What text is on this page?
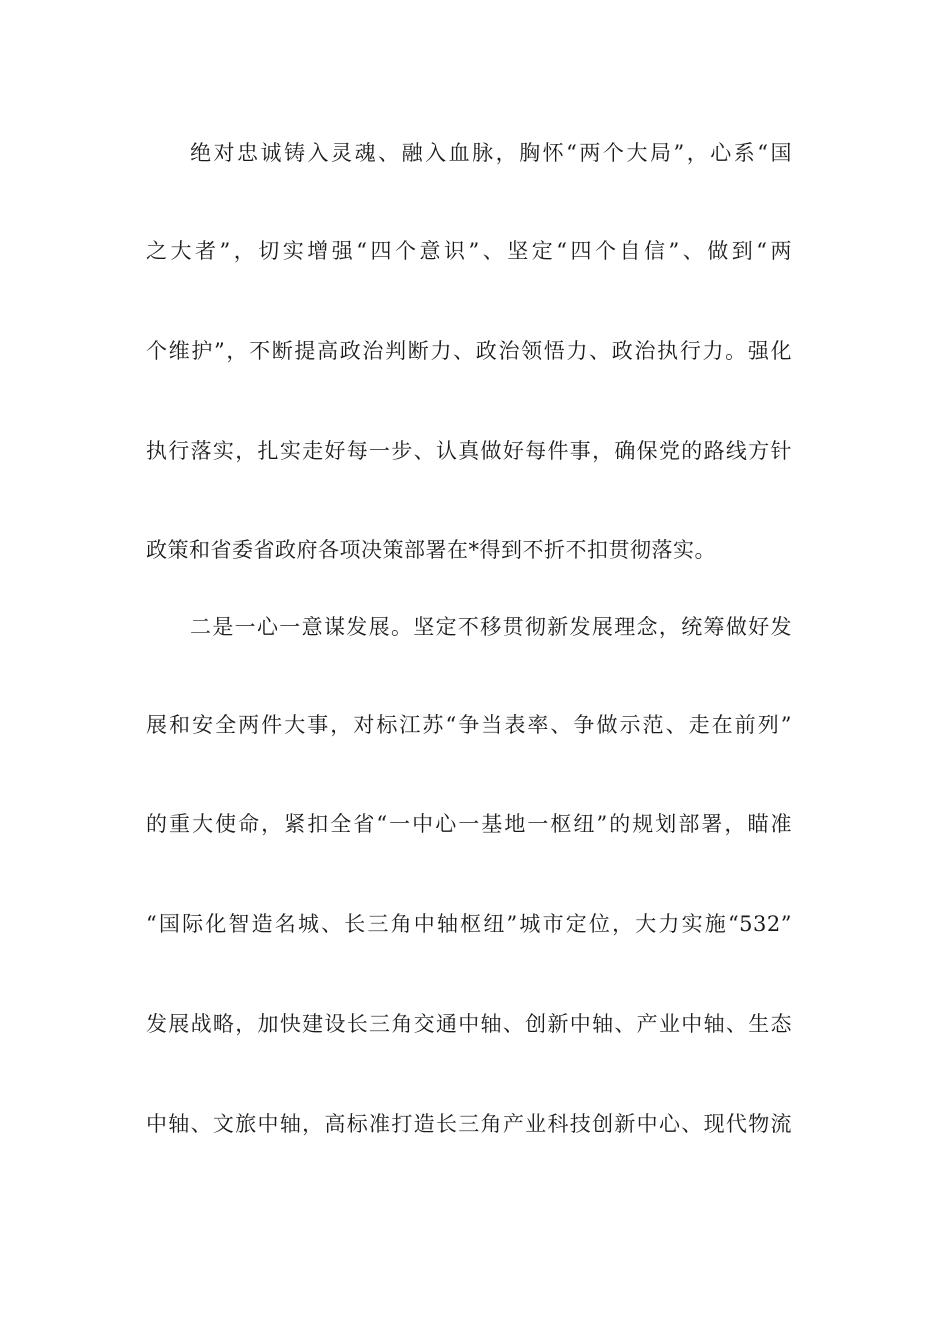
绝对忠诚铸入灵魂、融入血脉，胸怀“两个大局”，心系“国
之大者”，切实增强“四个意识”、坚定“四个自信”、做到“两
个维护”，不断提高政治判断力、政治领悟力、政治执行力。强化
执行落实，扎实走好每一步、认真做好每件事，确保党的路线方针
政策和省委省政府各项决策部署在*得到不折不扣贯彻落实。
二是一心一意谋发展。坚定不移贯彻新发展理念，统筹做好发
展和安全两件大事，对标江苏“争当表率、争做示范、走在前列”
的重大使命，紧扣全省“一中心一基地一枢纽”的规划部署，瞄准
“国际化智造名城、长三角中轴枢纽”城市定位，大力实施“532”
发展战略，加快建设长三角交通中轴、创新中轴、产业中轴、生态
中轴、文旅中轴，高标准打造长三角产业科技创新中心、现代物流
